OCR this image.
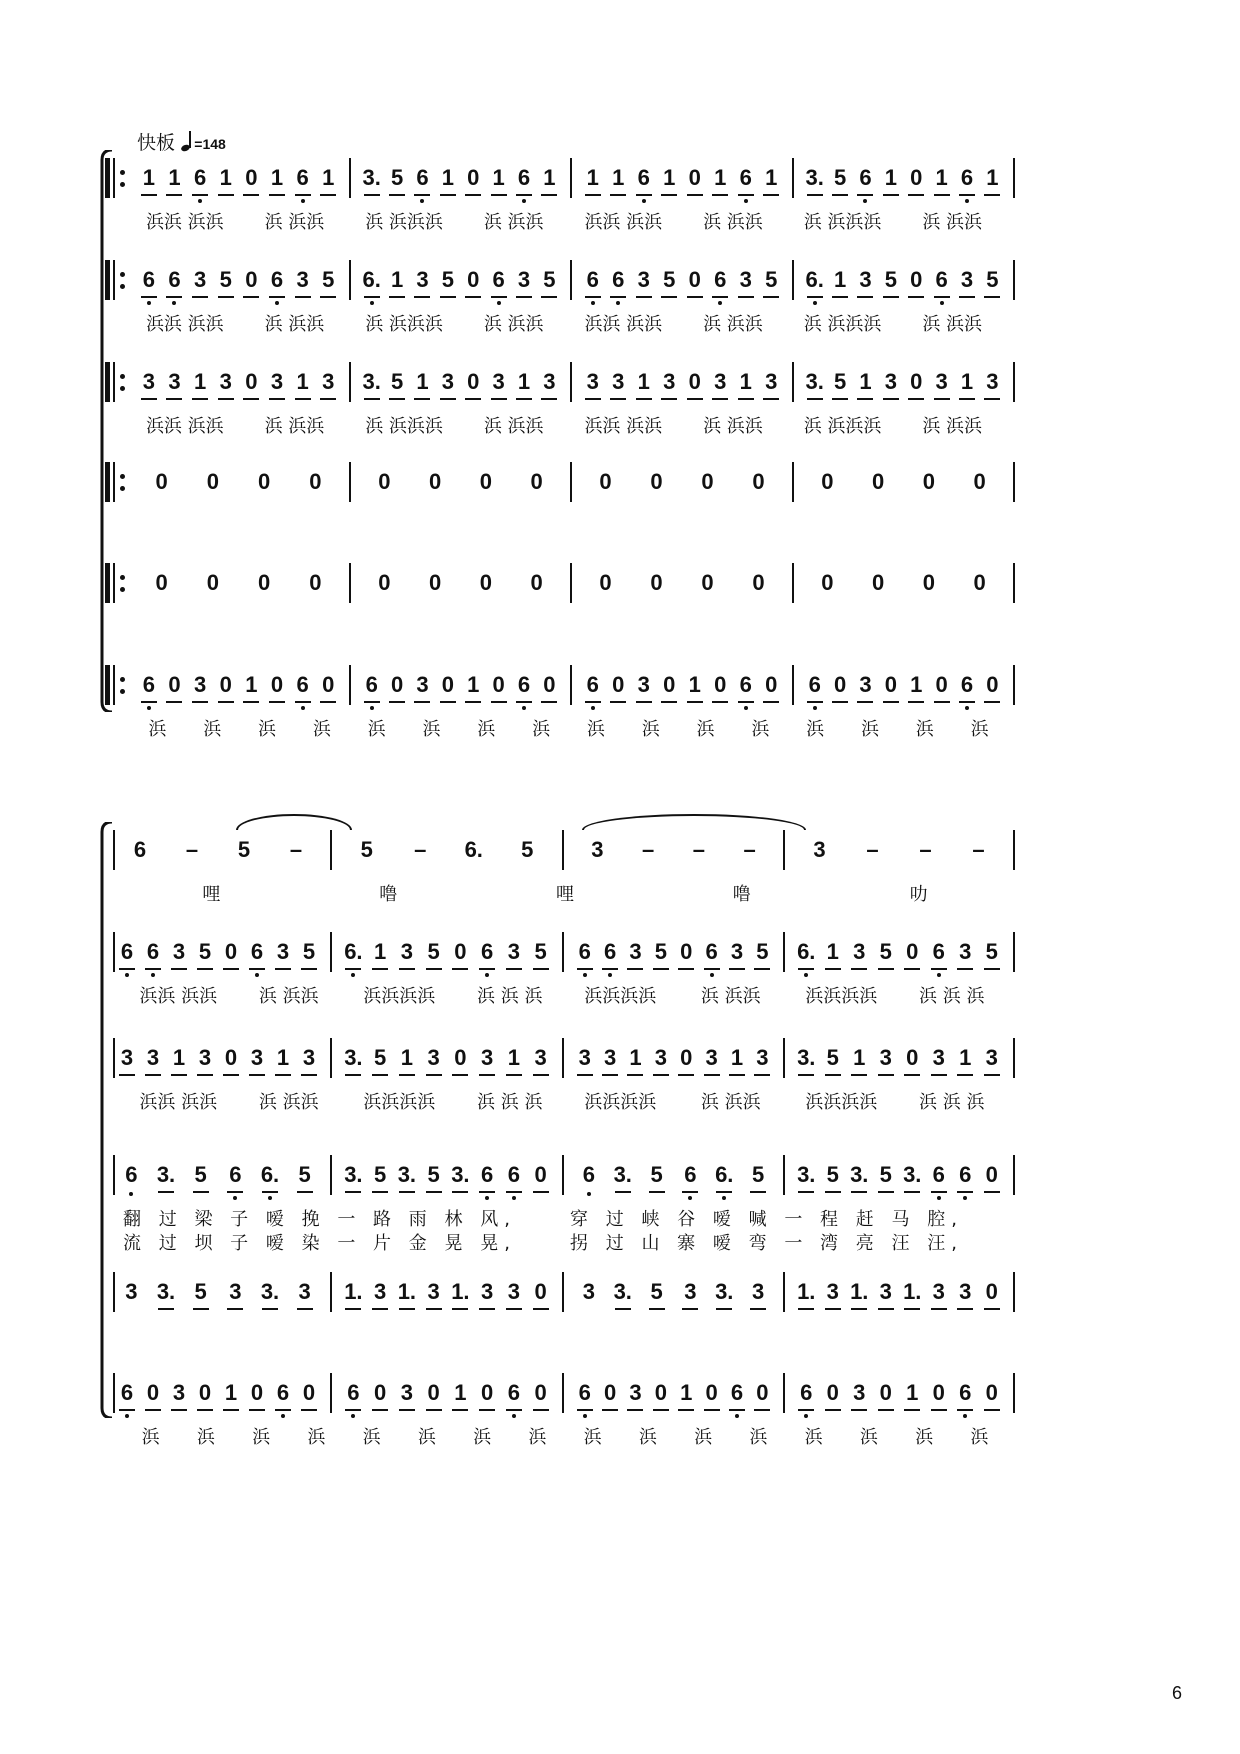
快板 =148
1 1 6 1 0 1 6 1	3. 5 6 1 0 1 6 1	1 1 6 1 0 1 6 1	3. 5 6 1 0 1 6 1
浜浜 浜浜	浜 浜浜	浜 浜浜浜	浜 浜浜	浜浜 浜浜	浜 浜浜	浜 浜浜浜	浜 浜浜
6 6 3 5 0 6 3 5	6. 1 3 5 0 6 3 5	6 6 3 5 0 6 3 5	6. 1 3 5 0 6 3 5
浜浜 浜浜	浜 浜浜	浜 浜浜浜	浜 浜浜	浜浜 浜浜	浜 浜浜	浜 浜浜浜	浜 浜浜
3 3 1 3 0 3 1 3	3. 5 1 3 0 3 1 3	3 3 1 3 0 3 1 3	3. 5 1 3 0 3 1 3
浜浜 浜浜	浜 浜浜	浜 浜浜浜	浜 浜浜	浜浜 浜浜	浜 浜浜	浜 浜浜浜	浜 浜浜
0	0	0	0	0	0	0	0	0	0	0	0	0	0	0	0
0	0	0	0	0	0	0	0	0	0	0	0	0	0	0	0
6 0 3 0 1 0 6 0	6 0 3 0 1 0 6 0	6 0 3 0 1 0 6 0	6 0 3 0 1 0 6 0
浜	浜	浜	浜	浜	浜	浜	浜	浜	浜	浜	浜	浜	浜	浜	浜
6	–	5	–	5	–	6.	5	3	–	–	–	3	–	–	–
哩	噜	哩	噜	叻
6 6 3 5 0 6 3 5	6. 1 3 5 0 6 3 5	6 6 3 5 0 6 3 5	6. 1 3 5 0 6 3 5
浜浜 浜浜	浜 浜浜	浜浜浜浜	浜 浜 浜	浜浜浜浜	浜 浜浜	浜浜浜浜	浜 浜 浜
3 3 1 3 0 3 1 3	3. 5 1 3 0 3 1 3	3 3 1 3 0 3 1 3	3. 5 1 3 0 3 1 3
浜浜 浜浜	浜 浜浜	浜浜浜浜	浜 浜 浜	浜浜浜浜	浜 浜浜	浜浜浜浜	浜 浜 浜
6 3. 5	6 6. 5	3. 5 3. 5 3. 6 6 0	6 3. 5 6 6. 5	3. 5 3. 5 3. 6 6 0
翻 过 梁 子 嗳 挽 一 路 雨 林 风,	穿 过 峡 谷 嗳 喊 一 程 赶 马 腔,
流 过 坝 子 嗳 染 一 片 金 晃 晃,	拐 过 山 寨 嗳 弯 一 湾 亮 汪 汪,
3 3. 5	3 3. 3	1. 3 1. 3 1. 3 3 0	3 3. 5 3 3. 3	1. 3 1. 3 1. 3 3 0
6 0 3 0 1 0 6 0	6 0 3 0 1 0 6 0	6 0 3 0 1 0 6 0	6 0 3 0 1 0 6 0
浜	浜	浜	浜	浜	浜	浜	浜	浜	浜	浜	浜	浜	浜	浜	浜
6
